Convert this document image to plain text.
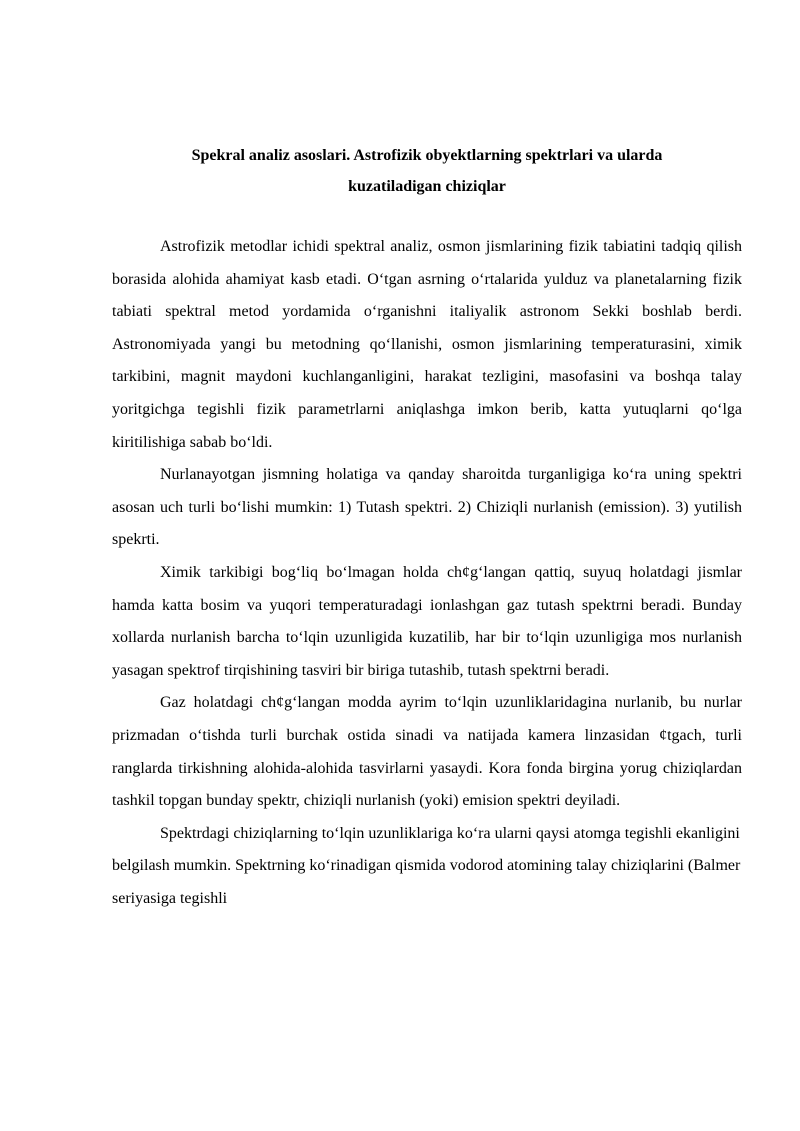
Spekral analiz asoslari. Astrofizik obyektlarning spektrlari va ularda
kuzatiladigan chiziqlar

Astrofizik metodlar ichidi spektral analiz, osmon jismlarining fizik tabiatini tadqiq qilish borasida alohida ahamiyat kasb etadi. O‘tgan asrning o‘rtalarida yulduz va planetalarning fizik tabiati spektral metod yordamida o‘rganishni italiyalik astronom Sekki boshlab berdi. Astronomiyada yangi bu metodning qo‘llanishi, osmon jismlarining temperaturasini, ximik tarkibini, magnit maydoni kuchlanganligini, harakat tezligini, masofasini va boshqa talay yoritgichga tegishli fizik parametrlarni aniqlashga imkon berib, katta yutuqlarni qo‘lga kiritilishiga sabab bo‘ldi.

Nurlanayotgan jismning holatiga va qanday sharoitda turganligiga ko‘ra uning spektri asosan uch turli bo‘lishi mumkin: 1) Tutash spektri. 2) Chiziqli nurlanish (emission). 3) yutilish spekrti.

Ximik tarkibigi bog‘liq bo‘lmagan holda ch¢g‘langan qattiq, suyuq holatdagi jismlar hamda katta bosim va yuqori temperaturadagi ionlashgan gaz tutash spektrni beradi. Bunday xollarda nurlanish barcha to‘lqin uzunligida kuzatilib, har bir to‘lqin uzunligiga mos nurlanish yasagan spektrof tirqishining tasviri bir biriga tutashib, tutash spektrni beradi.

Gaz holatdagi ch¢g‘langan modda ayrim to‘lqin uzunliklaridagina nurlanib, bu nurlar prizmadan o‘tishda turli burchak ostida sinadi va natijada kamera linzasidan ¢tgach, turli ranglarda tirkishning alohida-alohida tasvirlarni yasaydi. Kora fonda birgina yorug chiziqlardan tashkil topgan bunday spektr, chiziqli nurlanish (yoki) emision spektri deyiladi.

Spektrdagi chiziqlarning to‘lqin uzunliklariga ko‘ra ularni qaysi atomga tegishli ekanligini belgilash mumkin. Spektrning ko‘rinadigan qismida vodorod atomining talay chiziqlarini (Balmer seriyasiga tegishli
